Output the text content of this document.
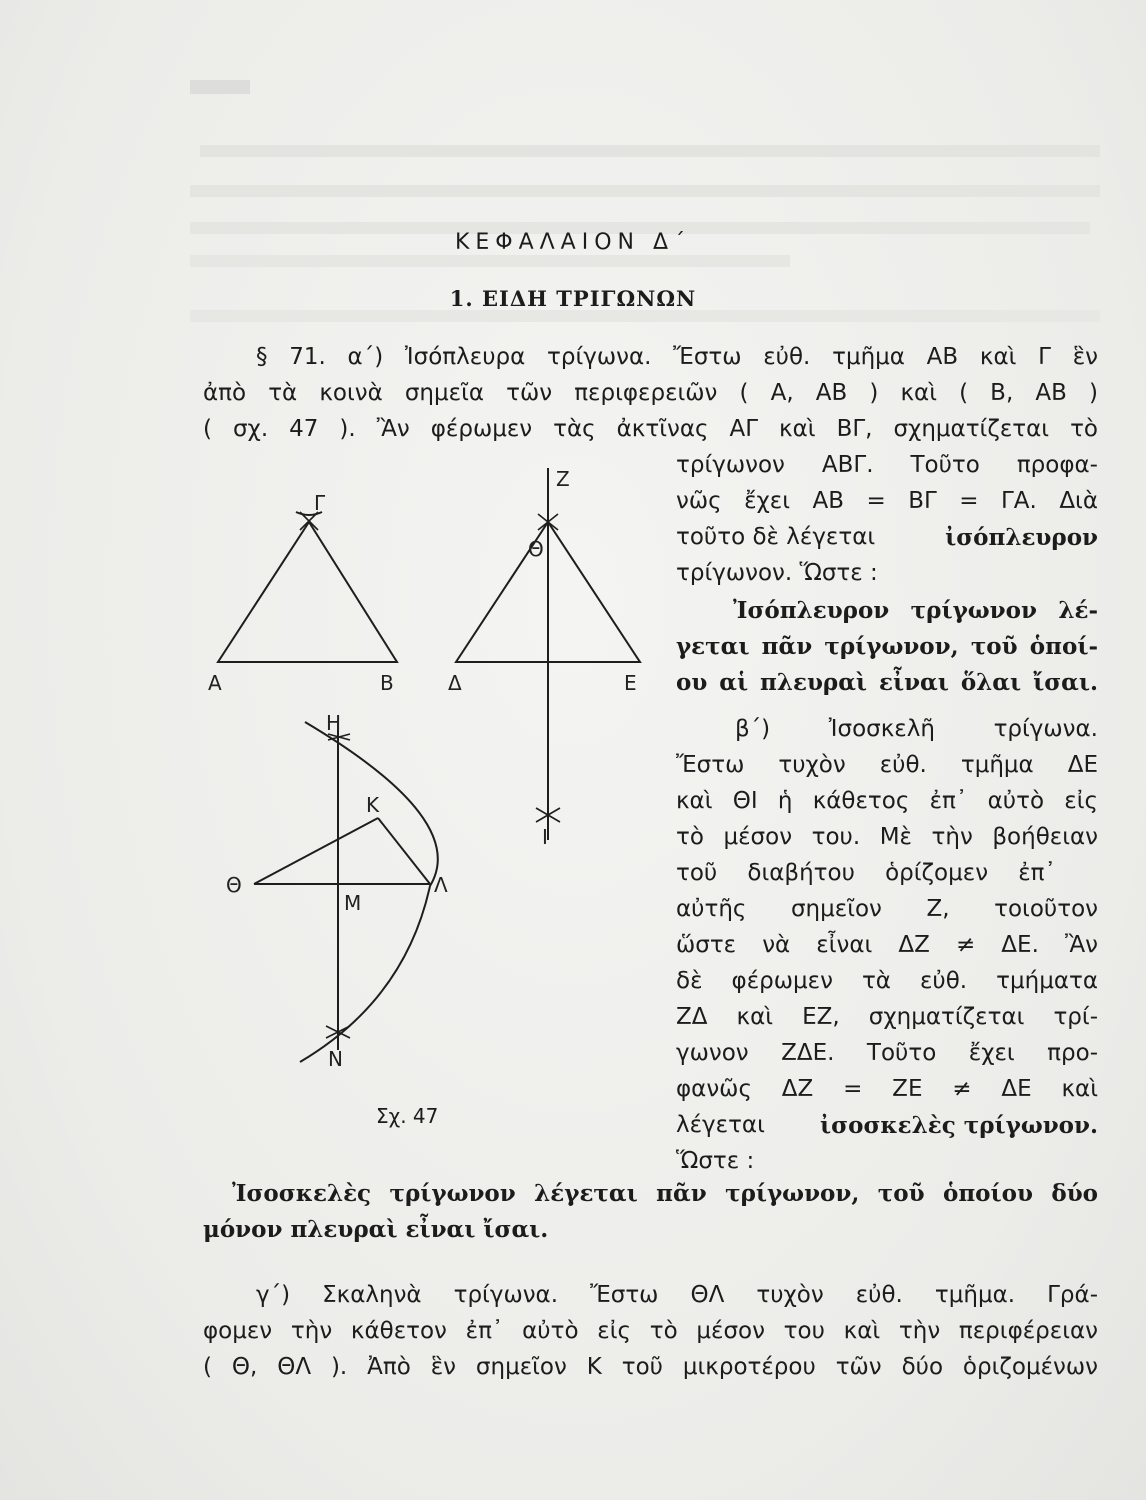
ΚΕΦΑΛΑΙΟΝ Δ΄
1. ΕΙΔΗ ΤΡΙΓΩΝΩΝ
§ 71. α΄) Ἰσόπλευρα τρίγωνα. Ἔστω εὐθ. τμῆμα ΑΒ καὶ Γ ἓν
ἀπὸ τὰ κοινὰ σημεῖα τῶν περιφερειῶν ( Α, ΑΒ ) καὶ ( Β, ΑΒ )
( σχ. 47 ). Ἂν φέρωμεν τὰς ἀκτῖνας ΑΓ καὶ ΒΓ, σχηματίζεται τὸ
τρίγωνον ΑΒΓ. Τοῦτο προφα-
νῶς ἔχει ΑΒ = ΒΓ = ΓΑ. Διὰ
τοῦτο δὲ λέγεται	ἰσόπλευρον
τρίγωνον. Ὥστε :
Ἰσόπλευρον τρίγωνον λέ-
γεται πᾶν τρίγωνον, τοῦ ὁποί-
ου αἱ πλευραὶ εἶναι ὅλαι ἴσαι.
β΄) Ἰσοσκελῆ τρίγωνα.
Ἔστω τυχὸν εὐθ. τμῆμα ΔΕ
καὶ ΘΙ ἡ κάθετος ἐπ᾿ αὐτὸ εἰς
τὸ μέσον του. Μὲ τὴν βοήθειαν
τοῦ διαβήτου ὁρίζομεν ἐπ᾿
αὐτῆς σημεῖον Ζ, τοιοῦτον
ὥστε νὰ εἶναι ΔΖ ≠ ΔΕ. Ἂν
δὲ φέρωμεν τὰ εὐθ. τμήματα
ΖΔ καὶ ΕΖ, σχηματίζεται τρί-
γωνον ΖΔΕ. Τοῦτο ἔχει προ-
φανῶς ΔΖ = ΖΕ ≠ ΔΕ καὶ
λέγεται ἰσοσκελὲς τρίγωνον.
Ὥστε :
Ἰσοσκελὲς τρίγωνον λέγεται πᾶν τρίγωνον, τοῦ ὁποίου δύο
μόνον πλευραὶ εἶναι ἴσαι.
γ΄) Σκαληνὰ τρίγωνα. Ἔστω ΘΛ τυχὸν εὐθ. τμῆμα. Γρά-
φομεν τὴν κάθετον ἐπ᾿ αὐτὸ εἰς τὸ μέσον του καὶ τὴν περιφέρειαν
( Θ, ΘΛ ). Ἀπὸ ἓν σημεῖον Κ τοῦ μικροτέρου τῶν δύο ὁριζομένων
Α	Β
Γ
Δ	Ε
Ζ
Θ
Ι
Η
Κ
Θ	Λ
Μ
Ν
Σχ. 47
